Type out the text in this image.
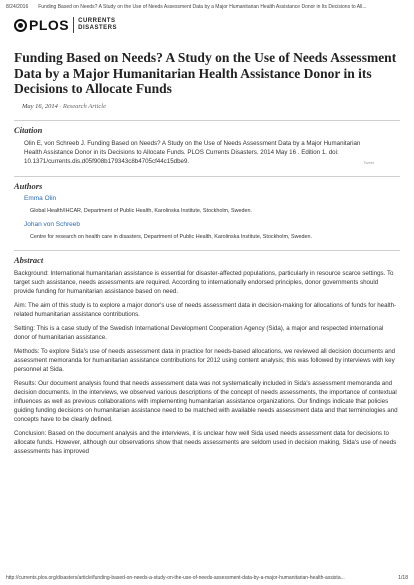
8/24/2016 Funding Based on Needs? A Study on the Use of Needs Assessment Data by a Major Humanitarian Health Assistance Donor in Its Decisions to All...
PLOS CURRENTS
DISASTERS
Funding Based on Needs? A Study on the Use of Needs Assessment Data by a Major Humanitarian Health Assistance Donor in its Decisions to Allocate Funds
May 16, 2014 · Research Article
Citation
Olin E, von Schreeb J. Funding Based on Needs? A Study on the Use of Needs Assessment Data by a Major Humanitarian Health Assistance Donor in its Decisions to Allocate Funds. PLOS Currents Disasters. 2014 May 16 . Edition 1. doi: 10.1371/currents.dis.d05f908b179343c8b4705cf44c15dbe9.	Tweet
Authors
Emma Olin
Global Health/IHCAR, Department of Public Health, Karolinska Institute, Stockholm, Sweden.
Johan von Schreeb
Centre for research on health care in disasters, Department of Public Health, Karolinska Institute, Stockholm, Sweden.
Abstract

Background: International humanitarian assistance is essential for disaster-affected populations, particularly in resource scarce settings. To target such assistance, needs assessments are required. According to internationally endorsed principles, donor governments should provide funding for humanitarian assistance based on need.

Aim: The aim of this study is to explore a major donor's use of needs assessment data in decision-making for allocations of funds for health-related humanitarian assistance contributions.

Setting: This is a case study of the Swedish International Development Cooperation Agency (Sida), a major and respected international donor of humanitarian assistance.

Methods: To explore Sida's use of needs assessment data in practice for needs-based allocations, we reviewed all decision documents and assessment memoranda for humanitarian assistance contributions for 2012 using content analysis; this was followed by interviews with key personnel at Sida.

Results: Our document analysis found that needs assessment data was not systematically included in Sida's assessment memoranda and decision documents. In the interviews, we observed various descriptions of the concept of needs assessments, the importance of contextual influences as well as previous collaborations with implementing humanitarian assistance organizations. Our findings indicate that policies guiding funding decisions on humanitarian assistance need to be matched with available needs assessment data and that terminologies and concepts have to be clearly defined.

Conclusion: Based on the document analysis and the interviews, it is unclear how well Sida used needs assessment data for decisions to allocate funds. However, although our observations show that needs assessments are seldom used in decision making, Sida's use of needs assessments has improved

http://currents.plos.org/disasters/article/funding-based-on-needs-a-study-on-the-use-of-needs-assessment-data-by-a-major-humanitarian-health-assista...	1/18
